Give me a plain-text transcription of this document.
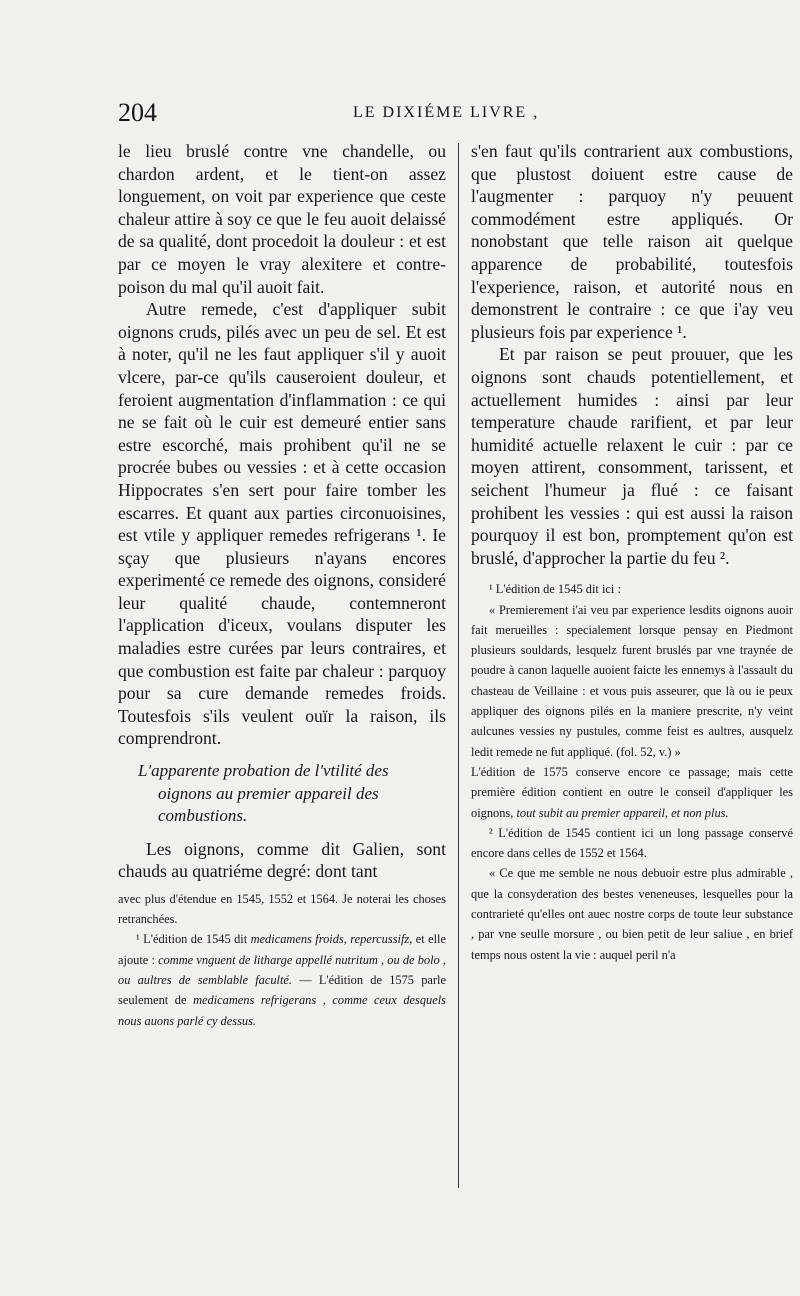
204	LE DIXIÉME LIVRE ,

le lieu bruslé contre vne chandelle, ou chardon ardent, et le tient-on assez longuement, on voit par experience que ceste chaleur attire à soy ce que le feu auoit delaissé de sa qualité, dont procedoit la douleur : et est par ce moyen le vray alexitere et contre-poison du mal qu'il auoit fait.

Autre remede, c'est d'appliquer subit oignons cruds, pilés avec un peu de sel. Et est à noter, qu'il ne les faut appliquer s'il y auoit vlcere, par-ce qu'ils causeroient douleur, et feroient augmentation d'inflammation : ce qui ne se fait où le cuir est demeuré entier sans estre escorché, mais prohibent qu'il ne se procrée bubes ou vessies : et à cette occasion Hippocrates s'en sert pour faire tomber les escarres. Et quant aux parties circonuoisines, est vtile y appliquer remedes refrigerans ¹. Ie sçay que plusieurs n'ayans encores experimenté ce remede des oignons, consideré leur qualité chaude, contemneront l'application d'iceux, voulans disputer les maladies estre curées par leurs contraires, et que combustion est faite par chaleur : parquoy pour sa cure demande remedes froids. Toutesfois s'ils veulent ouïr la raison, ils comprendront.

L'apparente probation de l'vtilité des oignons au premier appareil des combustions.

Les oignons, comme dit Galien, sont chauds au quatriéme degré: dont tant

avec plus d'étendue en 1545, 1552 et 1564. Je noterai les choses retranchées.

¹ L'édition de 1545 dit medicamens froids, repercussifz, et elle ajoute : comme vnguent de litharge appellé nutritum , ou de bolo , ou aultres de semblable faculté. — L'édition de 1575 parle seulement de medicamens refrigerans , comme ceux desquels nous auons parlé cy dessus.

s'en faut qu'ils contrarient aux combustions, que plustost doiuent estre cause de l'augmenter : parquoy n'y peuuent commodément estre appliqués. Or nonobstant que telle raison ait quelque apparence de probabilité, toutesfois l'experience, raison, et autorité nous en demonstrent le contraire : ce que i'ay veu plusieurs fois par experience ¹.

Et par raison se peut prouuer, que les oignons sont chauds potentiellement, et actuellement humides : ainsi par leur temperature chaude rarifient, et par leur humidité actuelle relaxent le cuir : par ce moyen attirent, consomment, tarissent, et seichent l'humeur ja flué : ce faisant prohibent les vessies : qui est aussi la raison pourquoy il est bon, promptement qu'on est bruslé, d'approcher la partie du feu ².

¹ L'édition de 1545 dit ici :

« Premierement i'ai veu par experience lesdits oignons auoir fait merueilles : specialement lorsque pensay en Piedmont plusieurs souldards, lesquelz furent bruslés par vne traynée de poudre à canon laquelle auoient faicte les ennemys à l'assault du chasteau de Veillaine : et vous puis asseurer, que là ou ie peux appliquer des oignons pilés en la maniere prescrite, n'y veint aulcunes vessies ny pustules, comme feist es aultres, ausquelz ledit remede ne fut appliqué. (fol. 52, v.) »

L'édition de 1575 conserve encore ce passage; mais cette première édition contient en outre le conseil d'appliquer les oignons, tout subit au premier appareil, et non plus.

² L'édition de 1545 contient ici un long passage conservé encore dans celles de 1552 et 1564.

« Ce que me semble ne nous debuoir estre plus admirable , que la consyderation des bestes veneneuses, lesquelles pour la contrarieté qu'elles ont auec nostre corps de toute leur substance , par vne seulle morsure , ou bien petit de leur saliue , en brief temps nous ostent la vie : auquel peril n'a
